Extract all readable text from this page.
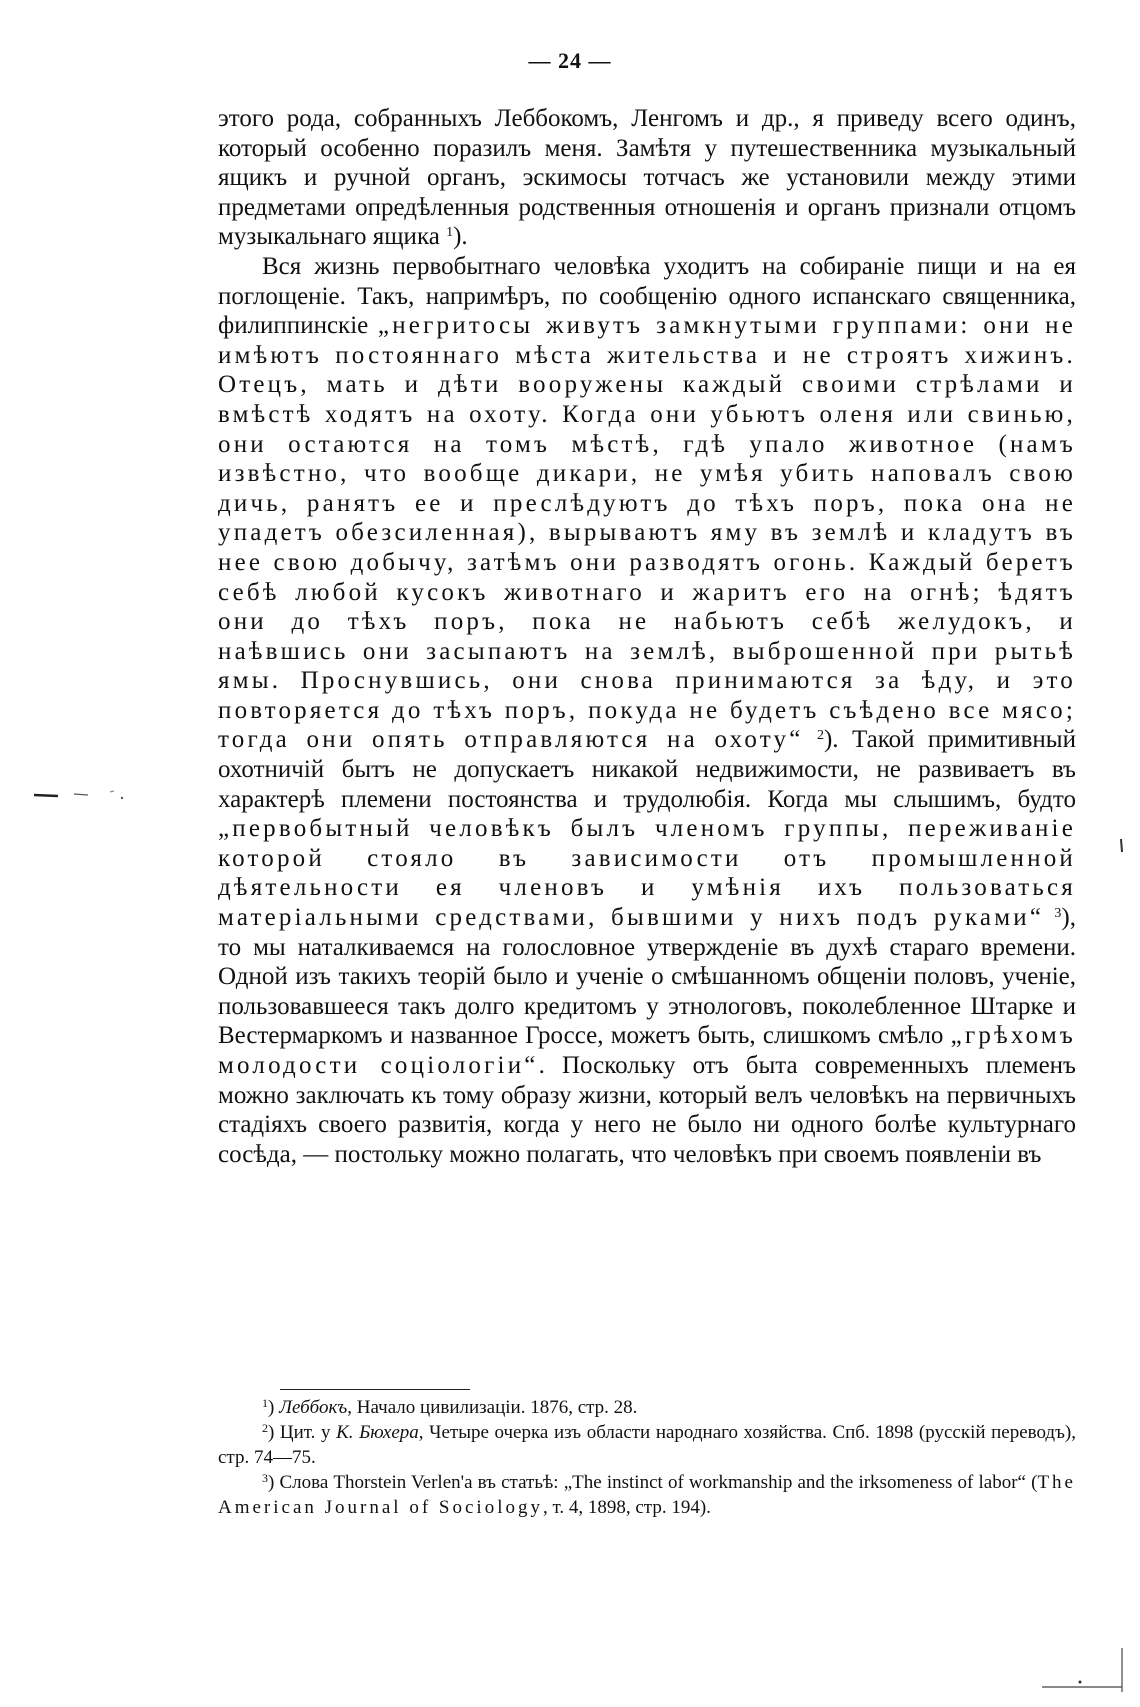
— 24 —

этого рода, собранныхъ Леббокомъ, Ленгомъ и др., я приведу всего одинъ, который особенно поразилъ меня. Замѣтя у путешественника музыкальный ящикъ и ручной органъ, эскимосы тотчасъ же установили между этими предметами опредѣленныя родственныя отношенія и органъ признали отцомъ музыкальнаго ящика $^1$).

Вся жизнь первобытнаго человѣка уходитъ на собираніе пищи и на ея поглощеніе. Такъ, напримѣръ, по сообщенію одного испанскаго священника, филиппинскіе „негритосы живутъ замкнутыми группами: они не имѣютъ постояннаго мѣста жительства и не строятъ хижинъ. Отецъ, мать и дѣти вооружены каждый своими стрѣлами и вмѣстѣ ходятъ на охоту. Когда они убьютъ оленя или свинью, они остаются на томъ мѣстѣ, гдѣ упало животное (намъ извѣстно, что вообще дикари, не умѣя убить наповалъ свою дичь, ранятъ ее и преслѣдуютъ до тѣхъ поръ, пока она не упадетъ обезсиленная), вырываютъ яму въ землѣ и кладутъ въ нее свою добычу, затѣмъ они разводятъ огонь. Каждый беретъ себѣ любой кусокъ животнаго и жаритъ его на огнѣ; ѣдятъ они до тѣхъ поръ, пока не набьютъ себѣ желудокъ, и наѣвшись они засыпаютъ на землѣ, выброшенной при рытьѣ ямы. Проснувшись, они снова принимаются за ѣду, и это повторяется до тѣхъ поръ, покуда не будетъ съѣдено все мясо; тогда они опять отправляются на охоту“ $^2$). Такой примитивный охотничій бытъ не допускаетъ никакой недвижимости, не развиваетъ въ характерѣ племени постоянства и трудолюбія. Когда мы слышимъ, будто „первобытный человѣкъ былъ членомъ группы, переживаніе которой стояло въ зависимости отъ промышленной дѣятельности ея членовъ и умѣнія ихъ пользоваться матеріальными средствами, бывшими у нихъ подъ руками“ $^3$), то мы наталкиваемся на голословное утвержденіе въ духѣ стараго времени. Одной изъ такихъ теорій было и ученіе о смѣшанномъ общеніи половъ, ученіе, пользовавшееся такъ долго кредитомъ у этнологовъ, поколебленное Штарке и Вестермаркомъ и названное Гроссе, можетъ быть, слишкомъ смѣло „грѣхомъ молодости соціологіи“. Поскольку отъ быта современныхъ племенъ можно заключать къ тому образу жизни, который велъ человѣкъ на первичныхъ стадіяхъ своего развитія, когда у него не было ни одного болѣе культурнаго сосѣда, — постольку можно полагать, что человѣкъ при своемъ появленіи въ

$^1$) Леббокъ, Начало цивилизаціи. 1876, стр. 28.

$^2$) Цит. у К. Бюхера, Четыре очерка изъ области народнаго хозяйства. Спб. 1898 (русскій переводъ), стр. 74—75.

$^3$) Слова Thorstein Verlen'a въ статьѣ: „The instinct of workmanship and the irksomeness of labor“ (The American Journal of Sociology, т. 4, 1898, стр. 194).
